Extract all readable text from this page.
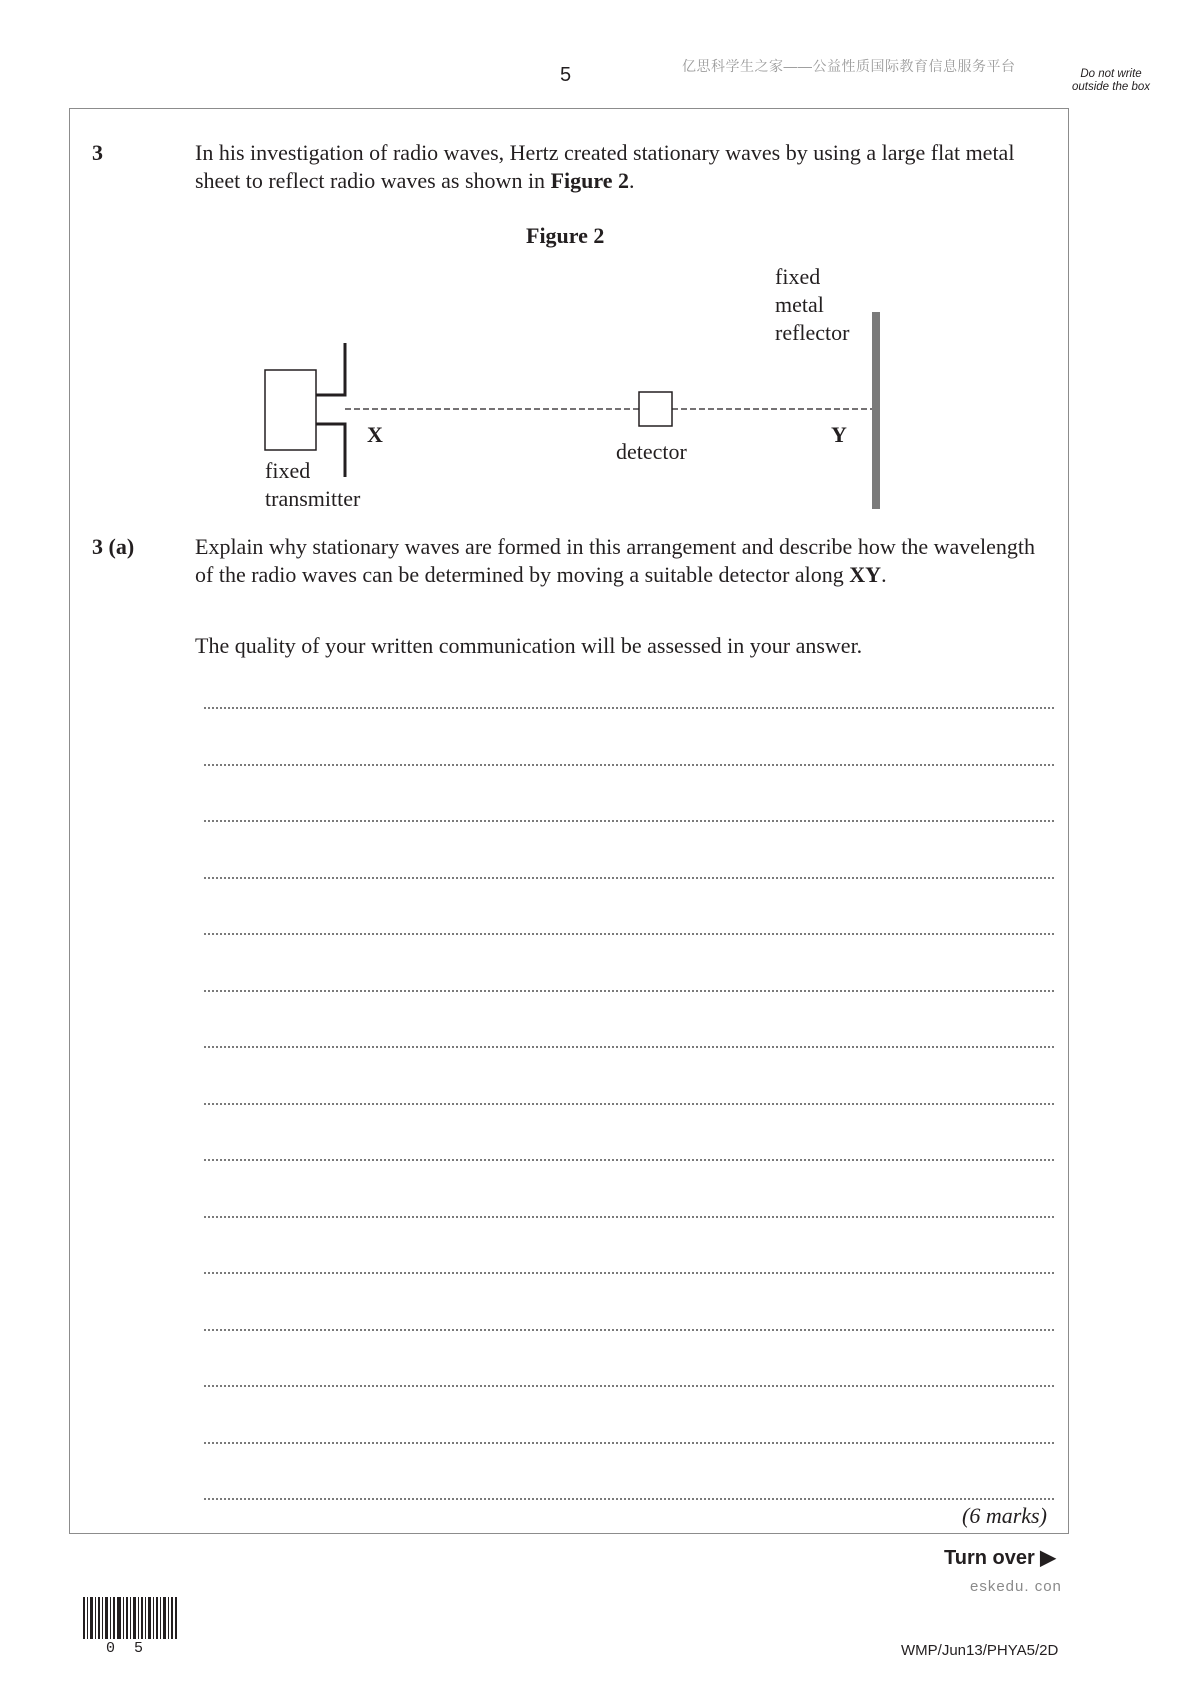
5	亿思科学生之家——公益性质国际教育信息服务平台	Do not write outside the box
3	In his investigation of radio waves, Hertz created stationary waves by using a large flat metal sheet to reflect radio waves as shown in Figure 2.
Figure 2
fixed
metal
reflector
X	Y
detector
fixed
transmitter
3 (a)	Explain why stationary waves are formed in this arrangement and describe how the wavelength of the radio waves can be determined by moving a suitable detector along XY.
The quality of your written communication will be assessed in your answer.
(6 marks)
Turn over ▶
eskedu. con
0 5	WMP/Jun13/PHYA5/2D
